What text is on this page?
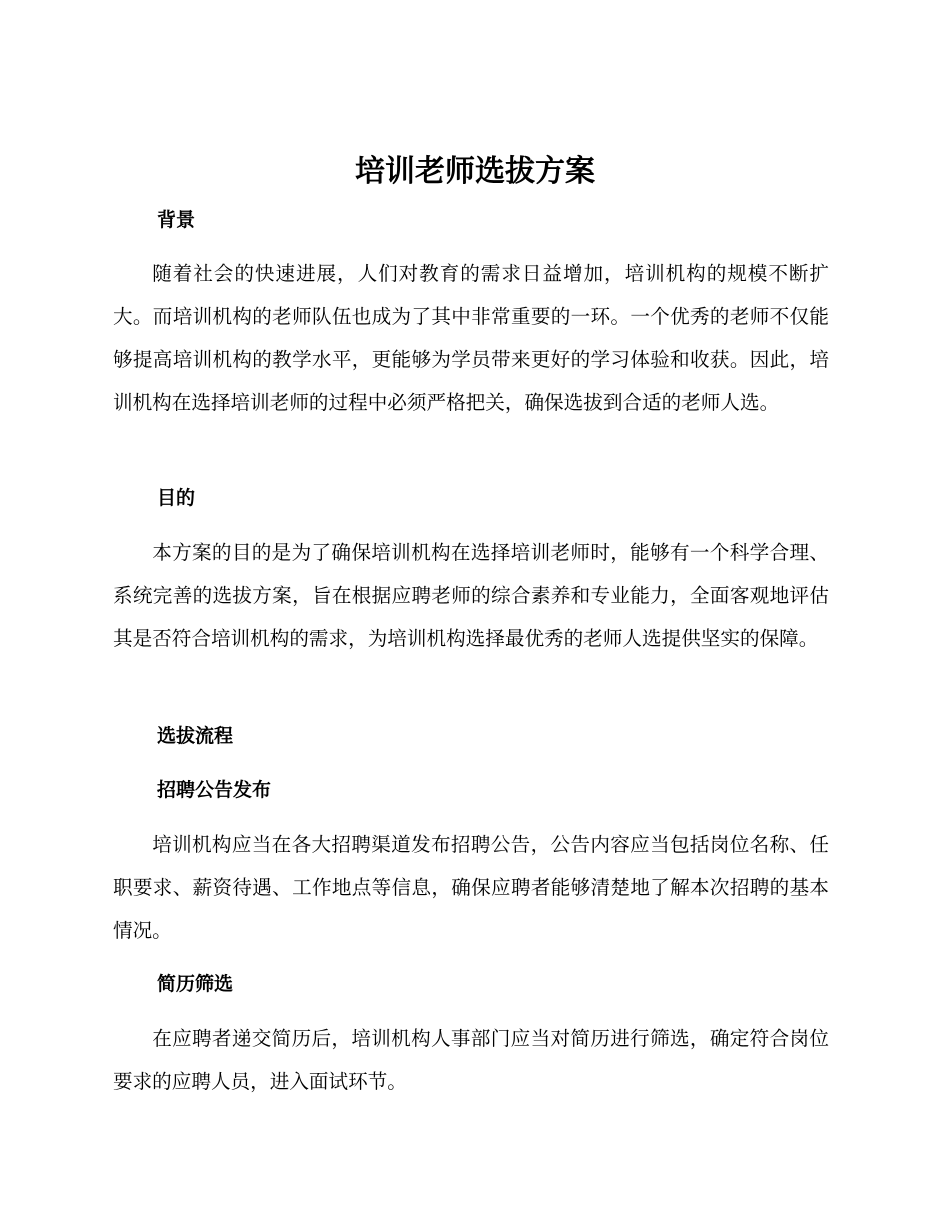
培训老师选拔方案
背景

随着社会的快速进展，人们对教育的需求日益增加，培训机构的规模不断扩大。而培训机构的老师队伍也成为了其中非常重要的一环。一个优秀的老师不仅能够提高培训机构的教学水平，更能够为学员带来更好的学习体验和收获。因此，培训机构在选择培训老师的过程中必须严格把关，确保选拔到合适的老师人选。

目的

本方案的目的是为了确保培训机构在选择培训老师时，能够有一个科学合理、系统完善的选拔方案，旨在根据应聘老师的综合素养和专业能力，全面客观地评估其是否符合培训机构的需求，为培训机构选择最优秀的老师人选提供坚实的保障。

选拔流程
招聘公告发布

培训机构应当在各大招聘渠道发布招聘公告，公告内容应当包括岗位名称、任职要求、薪资待遇、工作地点等信息，确保应聘者能够清楚地了解本次招聘的基本情况。

简历筛选

在应聘者递交简历后，培训机构人事部门应当对简历进行筛选，确定符合岗位要求的应聘人员，进入面试环节。
